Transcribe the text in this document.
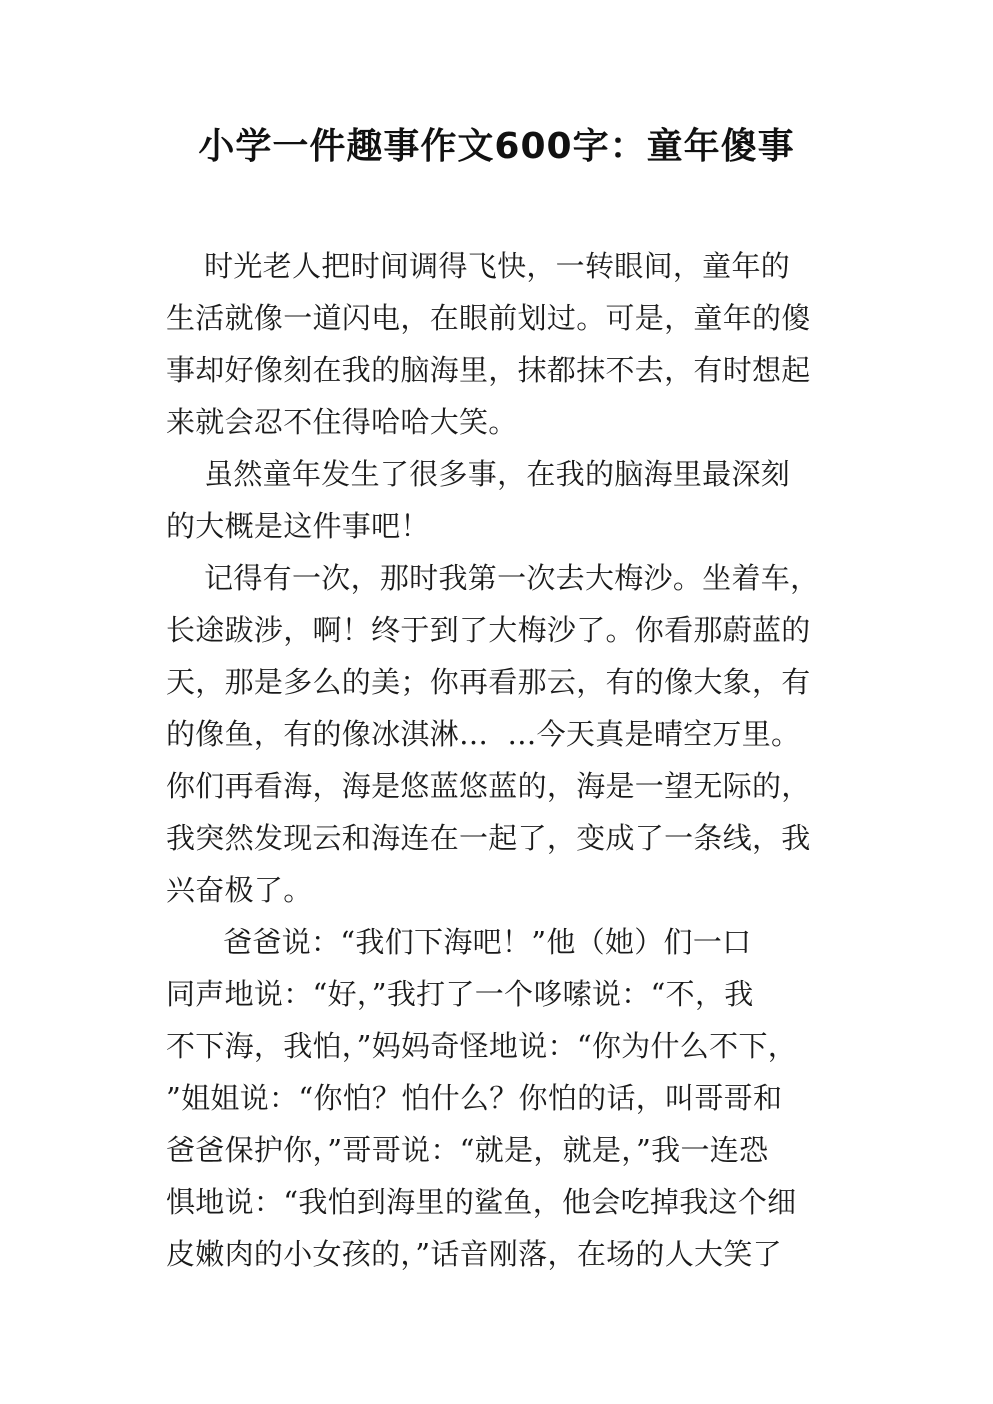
小学一件趣事作文600字：童年傻事
时光老人把时间调得飞快，一转眼间，童年的
生活就像一道闪电，在眼前划过。可是，童年的傻
事却好像刻在我的脑海里，抹都抹不去，有时想起
来就会忍不住得哈哈大笑。
虽然童年发生了很多事，在我的脑海里最深刻
的大概是这件事吧！
记得有一次，那时我第一次去大梅沙。坐着车，
长途跋涉，啊！终于到了大梅沙了。你看那蔚蓝的
天，那是多么的美；你再看那云，有的像大象，有
的像鱼，有的像冰淇淋…  …今天真是晴空万里。
你们再看海，海是悠蓝悠蓝的，海是一望无际的，
我突然发现云和海连在一起了，变成了一条线，我
兴奋极了。
爸爸说：“我们下海吧！”他（她）们一口
同声地说：“好，”我打了一个哆嗦说：“不，我
不下海，我怕，”妈妈奇怪地说：“你为什么不下，
”姐姐说：“你怕？怕什么？你怕的话，叫哥哥和
爸爸保护你，”哥哥说：“就是，就是，”我一连恐
惧地说：“我怕到海里的鲨鱼，他会吃掉我这个细
皮嫩肉的小女孩的，”话音刚落，在场的人大笑了
